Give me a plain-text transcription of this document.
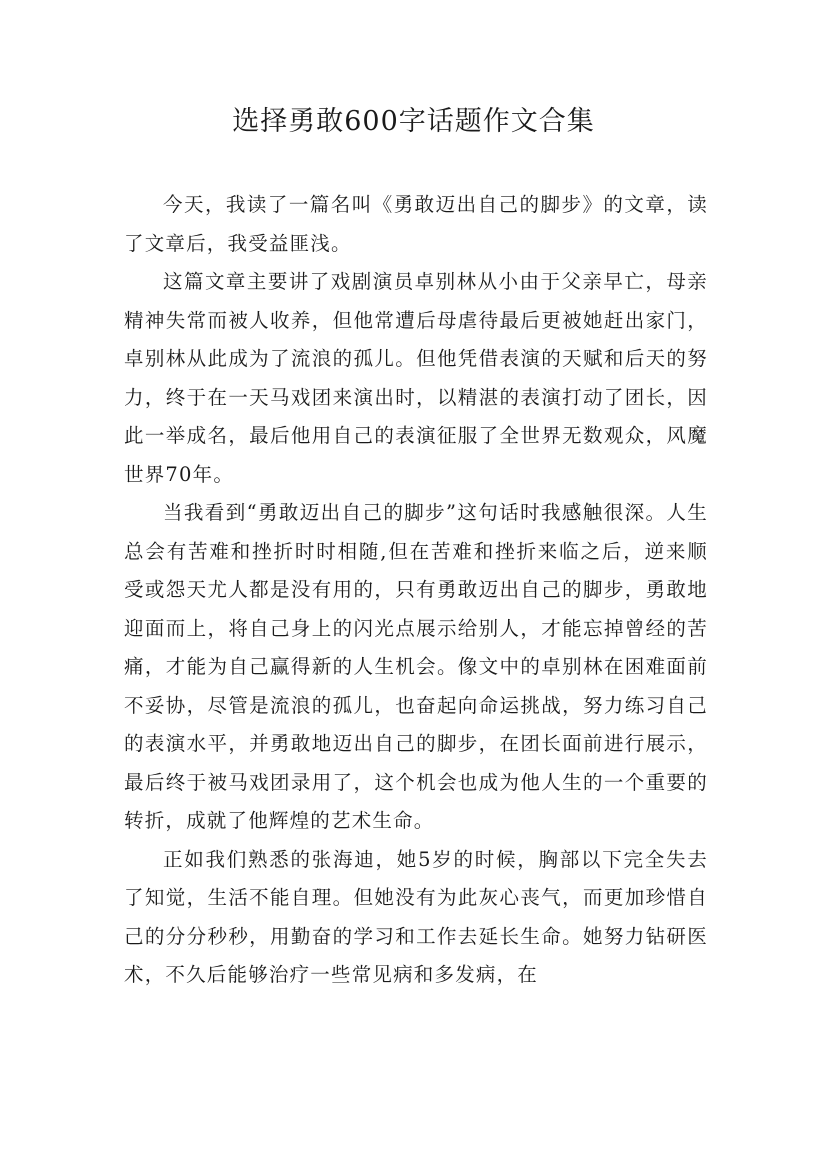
选择勇敢600字话题作文合集

今天，我读了一篇名叫《勇敢迈出自己的脚步》的文章，读了文章后，我受益匪浅。

这篇文章主要讲了戏剧演员卓别林从小由于父亲早亡，母亲精神失常而被人收养，但他常遭后母虐待最后更被她赶出家门，卓别林从此成为了流浪的孤儿。但他凭借表演的天赋和后天的努力，终于在一天马戏团来演出时，以精湛的表演打动了团长，因此一举成名，最后他用自己的表演征服了全世界无数观众，风魔世界70年。

当我看到“勇敢迈出自己的脚步”这句话时我感触很深。人生总会有苦难和挫折时时相随,但在苦难和挫折来临之后，逆来顺受或怨天尤人都是没有用的，只有勇敢迈出自己的脚步，勇敢地迎面而上，将自己身上的闪光点展示给别人，才能忘掉曾经的苦痛，才能为自己赢得新的人生机会。像文中的卓别林在困难面前不妥协，尽管是流浪的孤儿，也奋起向命运挑战，努力练习自己的表演水平，并勇敢地迈出自己的脚步，在团长面前进行展示，最后终于被马戏团录用了，这个机会也成为他人生的一个重要的转折，成就了他辉煌的艺术生命。

正如我们熟悉的张海迪，她5岁的时候，胸部以下完全失去了知觉，生活不能自理。但她没有为此灰心丧气，而更加珍惜自己的分分秒秒，用勤奋的学习和工作去延长生命。她努力钻研医术，不久后能够治疗一些常见病和多发病，在
